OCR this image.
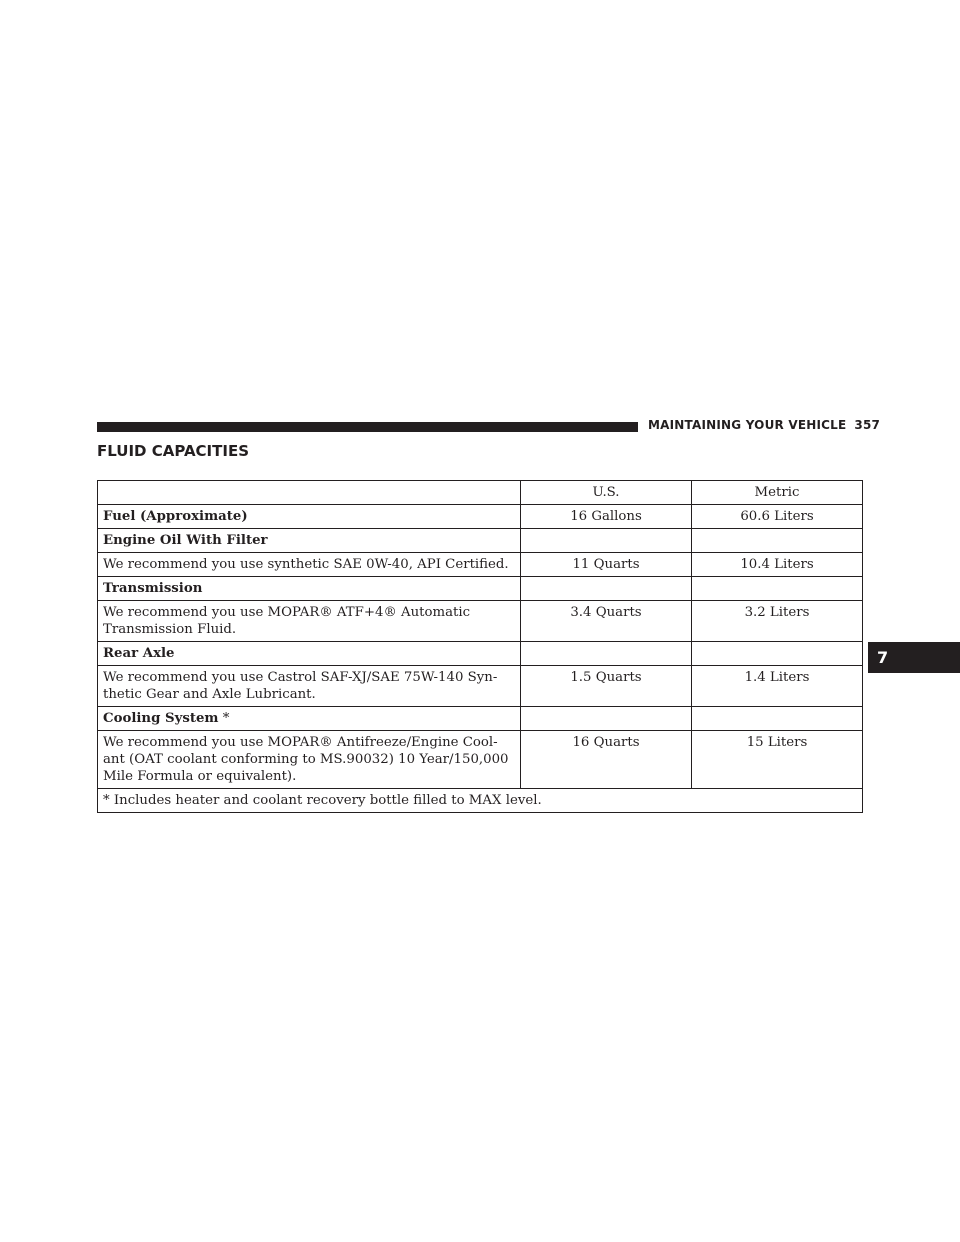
MAINTAINING YOUR VEHICLE 357
FLUID CAPACITIES
7
	U.S.	Metric
Fuel (Approximate)	16 Gallons	60.6 Liters
Engine Oil With Filter		
We recommend you use synthetic SAE 0W-40, API Certified.	11 Quarts	10.4 Liters
Transmission		
We recommend you use MOPAR® ATF+4® Automatic Transmission Fluid.	3.4 Quarts	3.2 Liters
Rear Axle		
We recommend you use Castrol SAF-XJ/SAE 75W-140 Syn-thetic Gear and Axle Lubricant.	1.5 Quarts	1.4 Liters
Cooling System *		
We recommend you use MOPAR® Antifreeze/Engine Cool-ant (OAT coolant conforming to MS.90032) 10 Year/150,000 Mile Formula or equivalent).	16 Quarts	15 Liters
* Includes heater and coolant recovery bottle filled to MAX level.		
